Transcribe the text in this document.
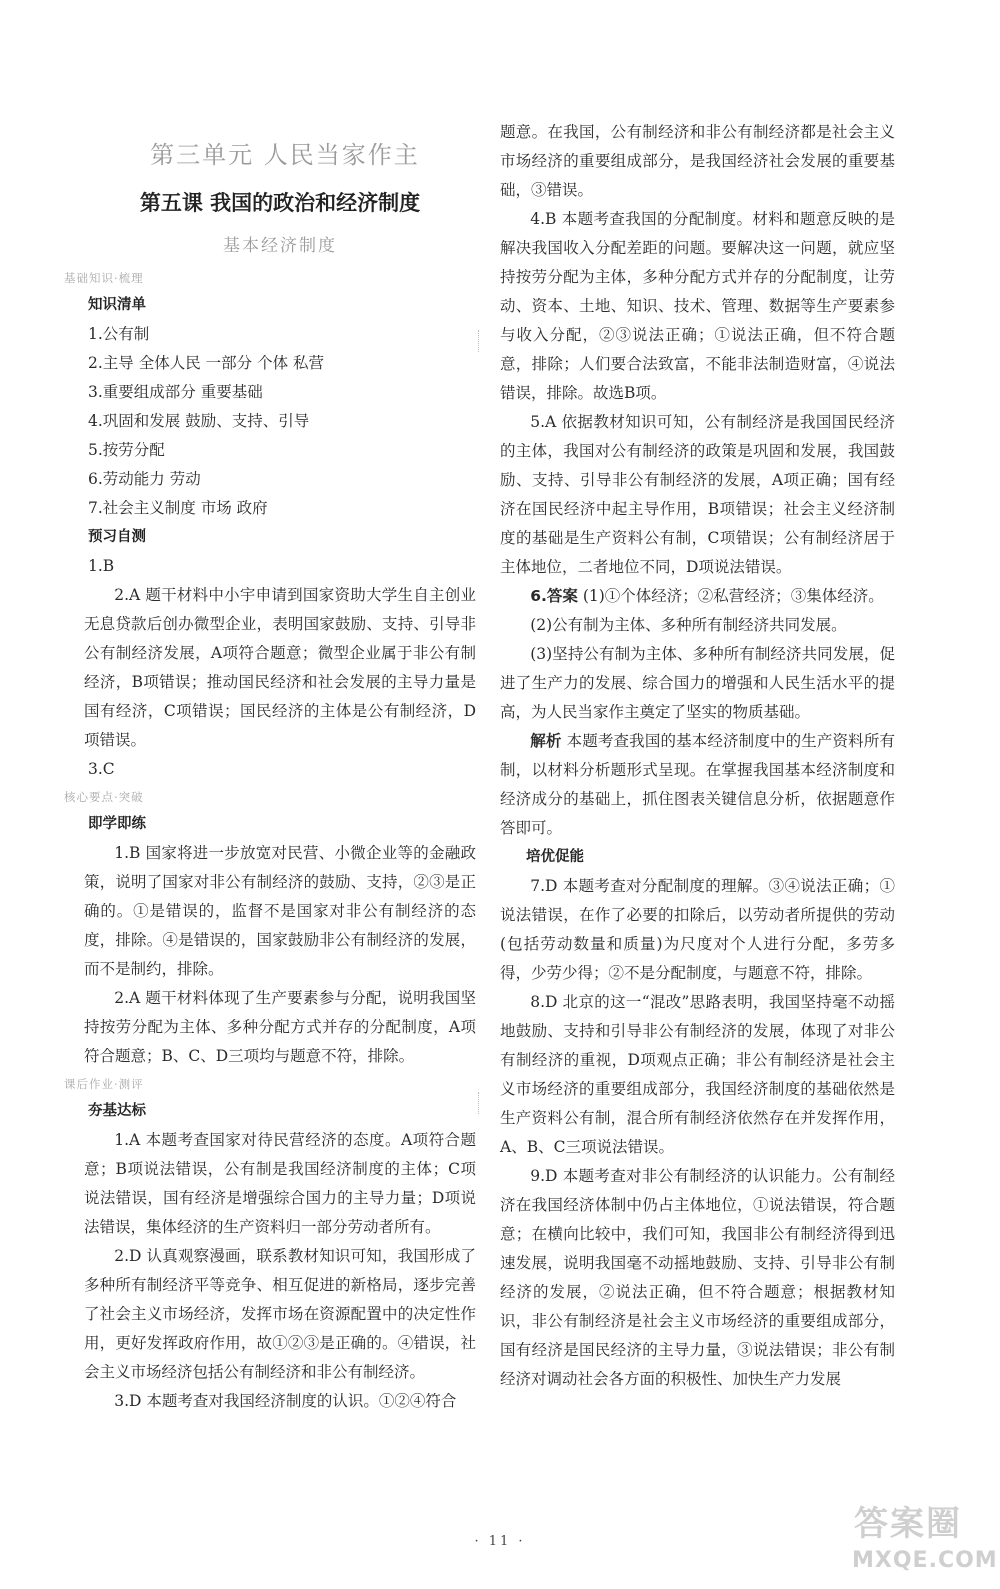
第三单元 人民当家作主
第五课 我国的政治和经济制度
基本经济制度
基础知识·梳理
知识清单
1.公有制
2.主导 全体人民 一部分 个体 私营
3.重要组成部分 重要基础
4.巩固和发展 鼓励、支持、引导
5.按劳分配
6.劳动能力 劳动
7.社会主义制度 市场 政府
预习自测
1.B
2.A 题干材料中小宇申请到国家资助大学生自主创业无息贷款后创办微型企业，表明国家鼓励、支持、引导非公有制经济发展，A项符合题意；微型企业属于非公有制经济，B项错误；推动国民经济和社会发展的主导力量是国有经济，C项错误；国民经济的主体是公有制经济，D项错误。
3.C
核心要点·突破
即学即练
1.B 国家将进一步放宽对民营、小微企业等的金融政策，说明了国家对非公有制经济的鼓励、支持，②③是正确的。①是错误的，监督不是国家对非公有制经济的态度，排除。④是错误的，国家鼓励非公有制经济的发展，而不是制约，排除。
2.A 题干材料体现了生产要素参与分配，说明我国坚持按劳分配为主体、多种分配方式并存的分配制度，A项符合题意；B、C、D三项均与题意不符，排除。
课后作业·测评
夯基达标
1.A 本题考查国家对待民营经济的态度。A项符合题意；B项说法错误，公有制是我国经济制度的主体；C项说法错误，国有经济是增强综合国力的主导力量；D项说法错误，集体经济的生产资料归一部分劳动者所有。
2.D 认真观察漫画，联系教材知识可知，我国形成了多种所有制经济平等竞争、相互促进的新格局，逐步完善了社会主义市场经济，发挥市场在资源配置中的决定性作用，更好发挥政府作用，故①②③是正确的。④错误，社会主义市场经济包括公有制经济和非公有制经济。
3.D 本题考查对我国经济制度的认识。①②④符合
题意。在我国，公有制经济和非公有制经济都是社会主义市场经济的重要组成部分，是我国经济社会发展的重要基础，③错误。
4.B 本题考查我国的分配制度。材料和题意反映的是解决我国收入分配差距的问题。要解决这一问题，就应坚持按劳分配为主体，多种分配方式并存的分配制度，让劳动、资本、土地、知识、技术、管理、数据等生产要素参与收入分配，②③说法正确；①说法正确，但不符合题意，排除；人们要合法致富，不能非法制造财富，④说法错误，排除。故选B项。
5.A 依据教材知识可知，公有制经济是我国国民经济的主体，我国对公有制经济的政策是巩固和发展，我国鼓励、支持、引导非公有制经济的发展，A项正确；国有经济在国民经济中起主导作用，B项错误；社会主义经济制度的基础是生产资料公有制，C项错误；公有制经济居于主体地位，二者地位不同，D项说法错误。
6.答案 (1)①个体经济；②私营经济；③集体经济。
(2)公有制为主体、多种所有制经济共同发展。
(3)坚持公有制为主体、多种所有制经济共同发展，促进了生产力的发展、综合国力的增强和人民生活水平的提高，为人民当家作主奠定了坚实的物质基础。
解析 本题考查我国的基本经济制度中的生产资料所有制，以材料分析题形式呈现。在掌握我国基本经济制度和经济成分的基础上，抓住图表关键信息分析，依据题意作答即可。
培优促能
7.D 本题考查对分配制度的理解。③④说法正确；①说法错误，在作了必要的扣除后，以劳动者所提供的劳动(包括劳动数量和质量)为尺度对个人进行分配，多劳多得，少劳少得；②不是分配制度，与题意不符，排除。
8.D 北京的这一“混改”思路表明，我国坚持毫不动摇地鼓励、支持和引导非公有制经济的发展，体现了对非公有制经济的重视，D项观点正确；非公有制经济是社会主义市场经济的重要组成部分，我国经济制度的基础依然是生产资料公有制，混合所有制经济依然存在并发挥作用，A、B、C三项说法错误。
9.D 本题考查对非公有制经济的认识能力。公有制经济在我国经济体制中仍占主体地位，①说法错误，符合题意；在横向比较中，我们可知，我国非公有制经济得到迅速发展，说明我国毫不动摇地鼓励、支持、引导非公有制经济的发展，②说法正确，但不符合题意；根据教材知识，非公有制经济是社会主义市场经济的重要组成部分，国有经济是国民经济的主导力量，③说法错误；非公有制经济对调动社会各方面的积极性、加快生产力发展
· 11 ·	答案圈
MXQE.COM
